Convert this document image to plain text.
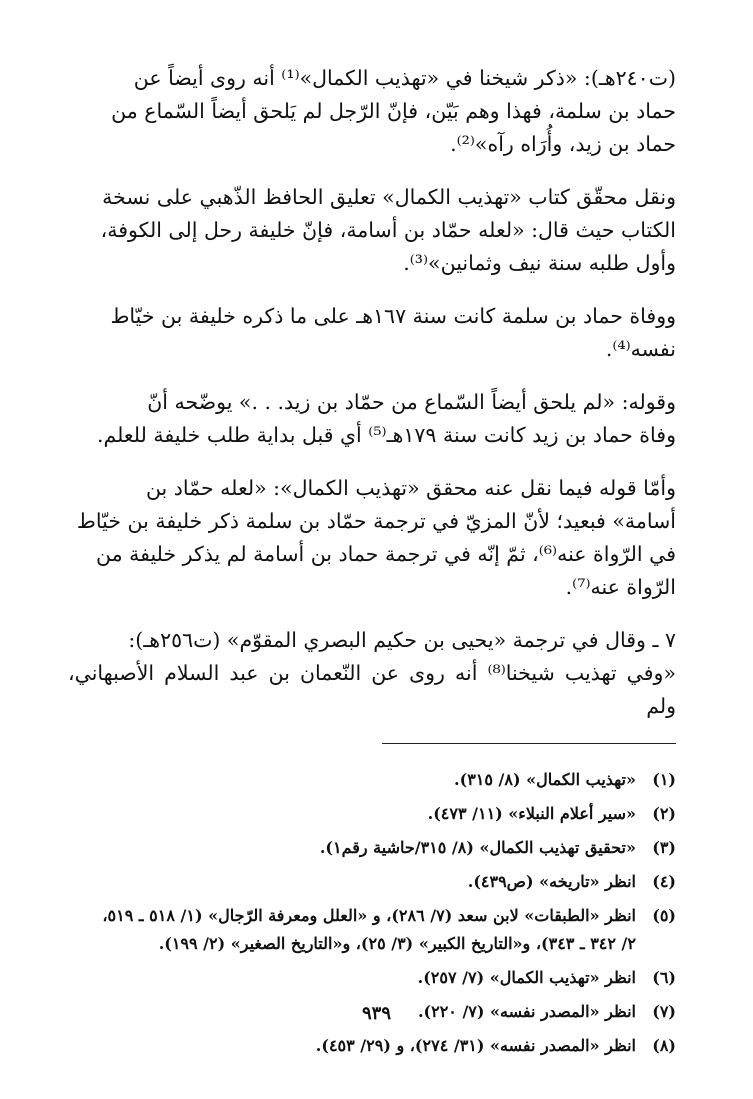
(ت٢٤٠هـ): «ذكر شيخنا في «تهذيب الكمال»⁽¹⁾ أنه روى أيضاً عن
حماد بن سلمة، فهذا وهم بَيّن، فإنّ الرّجل لم يَلحق أيضاً السّماع من
حماد بن زيد، وأُرَاه رآه»⁽²⁾.

ونقل محقّق كتاب «تهذيب الكمال» تعليق الحافظ الذّهبي على نسخة
الكتاب حيث قال: «لعله حمّاد بن أسامة، فإنّ خليفة رحل إلى الكوفة،
وأول طلبه سنة نيف وثمانين»⁽³⁾.

ووفاة حماد بن سلمة كانت سنة ١٦٧هـ على ما ذكره خليفة بن خيّاط
نفسه⁽⁴⁾.

وقوله: «لم يلحق أيضاً السّماع من حمّاد بن زيد. . .» يوضّحه أنّ
وفاة حماد بن زيد كانت سنة ١٧٩هـ⁽⁵⁾ أي قبل بداية طلب خليفة للعلم.

وأمّا قوله فيما نقل عنه محقق «تهذيب الكمال»: «لعله حمّاد بن
أسامة» فبعيد؛ لأنّ المزيّ في ترجمة حمّاد بن سلمة ذكر خليفة بن خيّاط
في الرّواة عنه⁽⁶⁾، ثمّ إنّه في ترجمة حماد بن أسامة لم يذكر خليفة من
الرّواة عنه⁽⁷⁾.

٧ ـ وقال في ترجمة «يحيى بن حكيم البصري المقوّم» (ت٢٥٦هـ):
«وفي تهذيب شيخنا⁽⁸⁾ أنه روى عن النّعمان بن عبد السلام الأصبهاني، ولم

(١)
«تهذيب الكمال» (٨/ ٣١٥).
(٢)
«سير أعلام النبلاء» (١١/ ٤٧٣).
(٣)
«تحقيق تهذيب الكمال» (٨/ ٣١٥/حاشية رقم١).
(٤)
انظر «تاريخه» (ص٤٣٩).
(٥)
انظر «الطبقات» لابن سعد (٧/ ٢٨٦)، و «العلل ومعرفة الرّجال» (١/ ٥١٨ ـ ٥١٩،
٢/ ٣٤٢ ـ ٣٤٣)، و«التاريخ الكبير» (٣/ ٢٥)، و«التاريخ الصغير» (٢/ ١٩٩).
(٦)
انظر «تهذيب الكمال» (٧/ ٢٥٧).
(٧)
انظر «المصدر نفسه» (٧/ ٢٢٠).
(٨)
انظر «المصدر نفسه» (٣١/ ٢٧٤)، و (٢٩/ ٤٥٣).
٩٣٩
